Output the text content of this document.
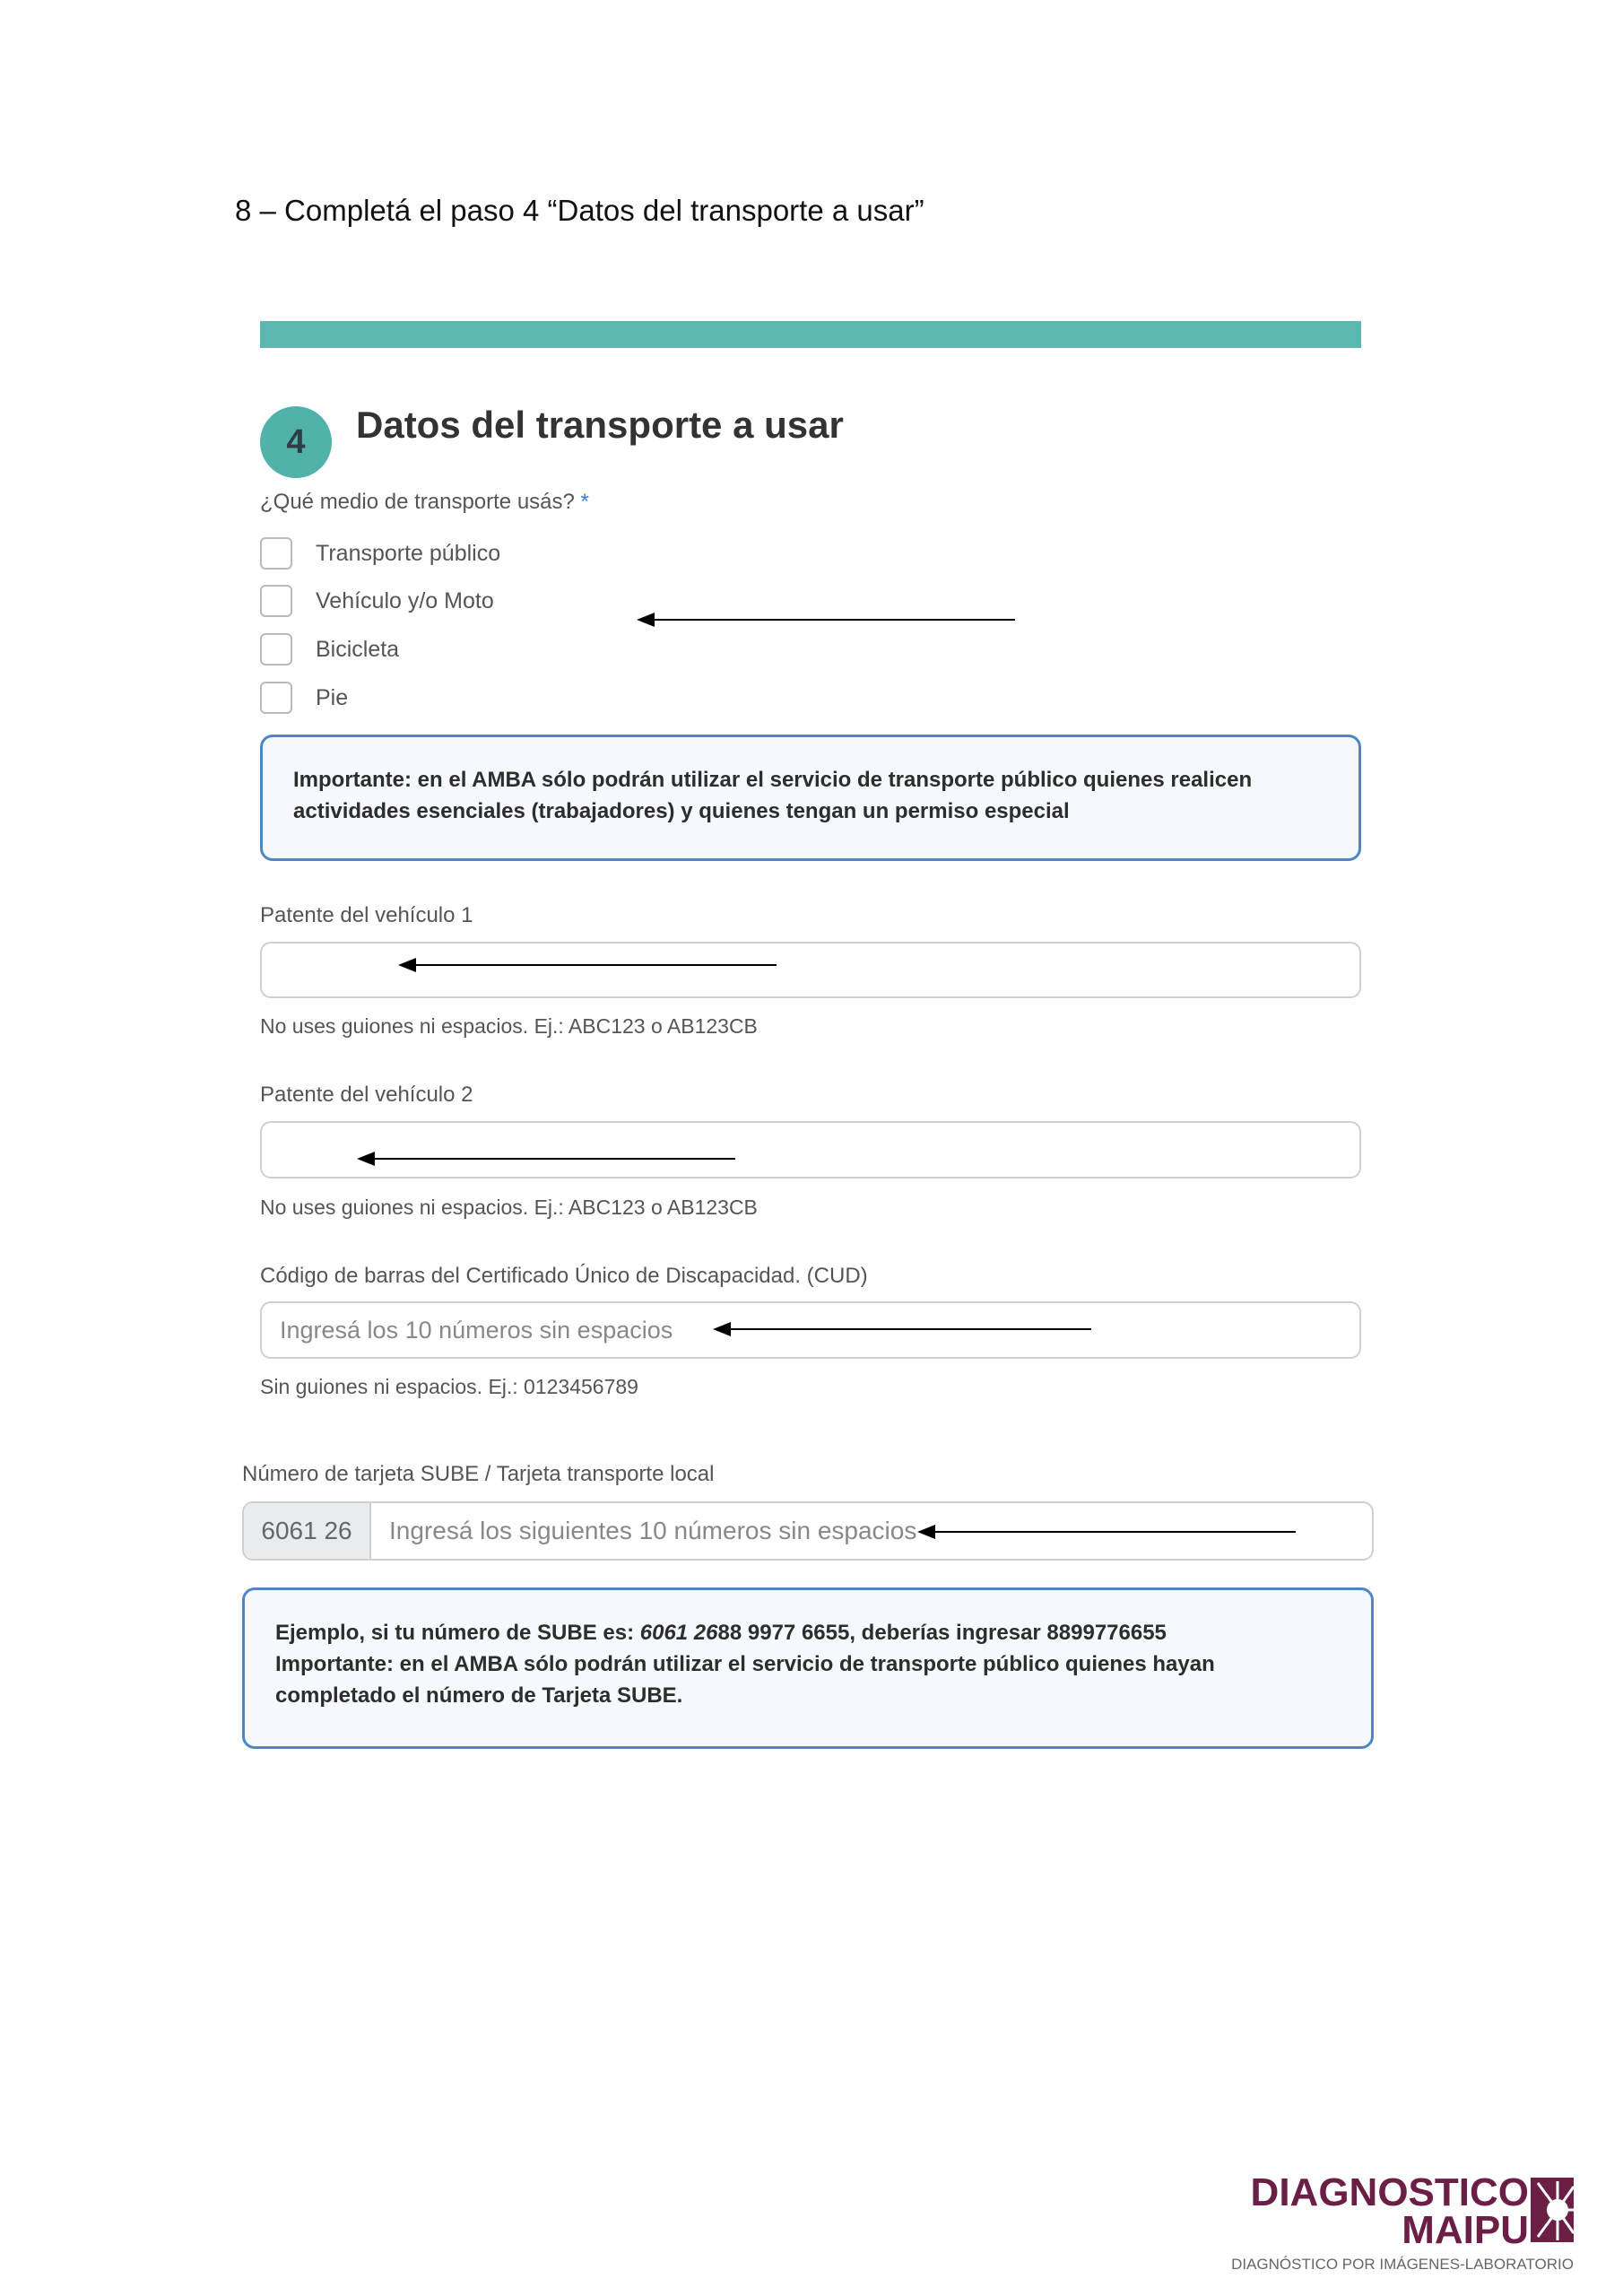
8 – Completá el paso 4 “Datos del transporte a usar”
4	Datos del transporte a usar
¿Qué medio de transporte usás? *
Transporte público
Vehículo y/o Moto
Bicicleta
Pie
Importante: en el AMBA sólo podrán utilizar el servicio de transporte público quienes realicen actividades esenciales (trabajadores) y quienes tengan un permiso especial
Patente del vehículo 1
No uses guiones ni espacios. Ej.: ABC123 o AB123CB
Patente del vehículo 2
No uses guiones ni espacios. Ej.: ABC123 o AB123CB
Código de barras del Certificado Único de Discapacidad. (CUD)
Ingresá los 10 números sin espacios
Sin guiones ni espacios. Ej.: 0123456789
Número de tarjeta SUBE / Tarjeta transporte local
6061 26	Ingresá los siguientes 10 números sin espacios
Ejemplo, si tu número de SUBE es: 6061 2688 9977 6655, deberías ingresar 8899776655
Importante: en el AMBA sólo podrán utilizar el servicio de transporte público quienes hayan completado el número de Tarjeta SUBE.
DIAGNOSTICO
MAIPU
DIAGNÓSTICO POR IMÁGENES-LABORATORIO
